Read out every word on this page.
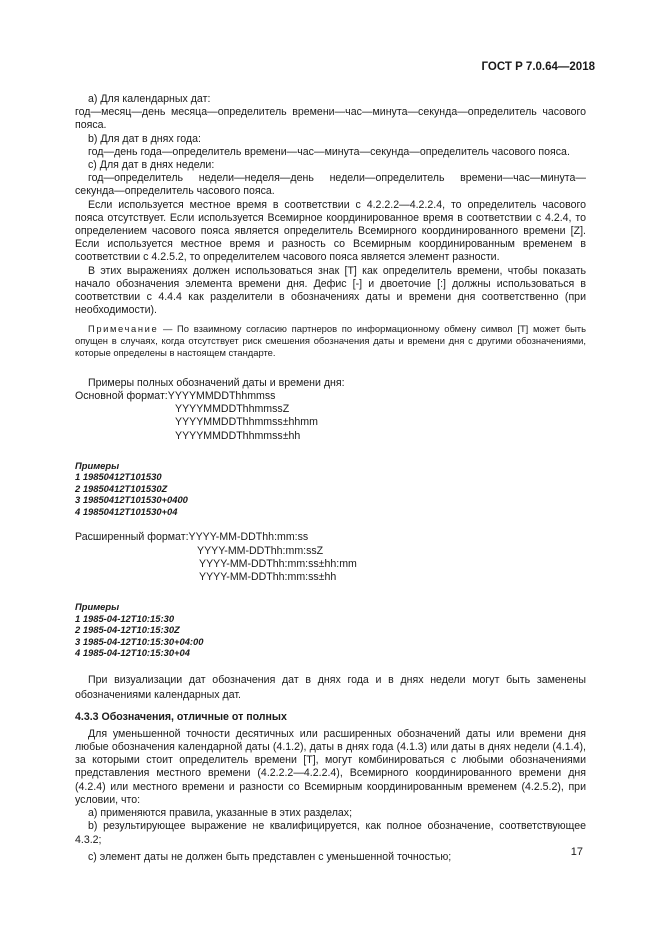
ГОСТ Р 7.0.64—2018

а) Для календарных дат:

год—месяц—день месяца—определитель времени—час—минута—секунда—определитель часового пояса.

b) Для дат в днях года:

год—день года—определитель времени—час—минута—секунда—определитель часового пояса.

c) Для дат в днях недели:

год—определитель недели—неделя—день недели—определитель времени—час—минута—секунда—определитель часового пояса.

Если используется местное время в соответствии с 4.2.2.2—4.2.2.4, то определитель часового пояса отсутствует. Если используется Всемирное координированное время в соответствии с 4.2.4, то определением часового пояса является определитель Всемирного координированного времени [Z]. Если используется местное время и разность со Всемирным координированным временем в соответствии с 4.2.5.2, то определителем часового пояса является элемент разности.

В этих выражениях должен использоваться знак [T] как определитель времени, чтобы показать начало обозначения элемента времени дня. Дефис [-] и двоеточие [:] должны использоваться в соответствии с 4.4.4 как разделители в обозначениях даты и времени дня соответственно (при необходимости).

Примечание — По взаимному согласию партнеров по информационному обмену символ [T] может быть опущен в случаях, когда отсутствует риск смешения обозначения даты и времени дня с другими обозначениями, которые определены в настоящем стандарте.

Примеры полных обозначений даты и времени дня:

Основной формат: YYYYMMDDThhmmss
YYYYMMDDThhmmssZ
YYYYMMDDThhmmss±hhmm
YYYYMMDDThhmmss±hh
Примеры
1 19850412T101530
2 19850412T101530Z
3 19850412T101530+0400
4 19850412T101530+04
Расширенный формат: YYYY-MM-DDThh:mm:ss
YYYY-MM-DDThh:mm:ssZ
YYYY-MM-DDThh:mm:ss±hh:mm
YYYY-MM-DDThh:mm:ss±hh
Примеры
1 1985-04-12T10:15:30
2 1985-04-12T10:15:30Z
3 1985-04-12T10:15:30+04:00
4 1985-04-12T10:15:30+04

При визуализации дат обозначения дат в днях года и в днях недели могут быть заменены обозначениями календарных дат.

4.3.3 Обозначения, отличные от полных

Для уменьшенной точности десятичных или расширенных обозначений даты или времени дня любые обозначения календарной даты (4.1.2), даты в днях года (4.1.3) или даты в днях недели (4.1.4), за которыми стоит определитель времени [T], могут комбинироваться с любыми обозначениями представления местного времени (4.2.2.2—4.2.2.4), Всемирного координированного времени дня (4.2.4) или местного времени и разности со Всемирным координированным временем (4.2.5.2), при условии, что:

a) применяются правила, указанные в этих разделах;

b) результирующее выражение не квалифицируется, как полное обозначение, соответствующее 4.3.2;

c) элемент даты не должен быть представлен с уменьшенной точностью;	17
